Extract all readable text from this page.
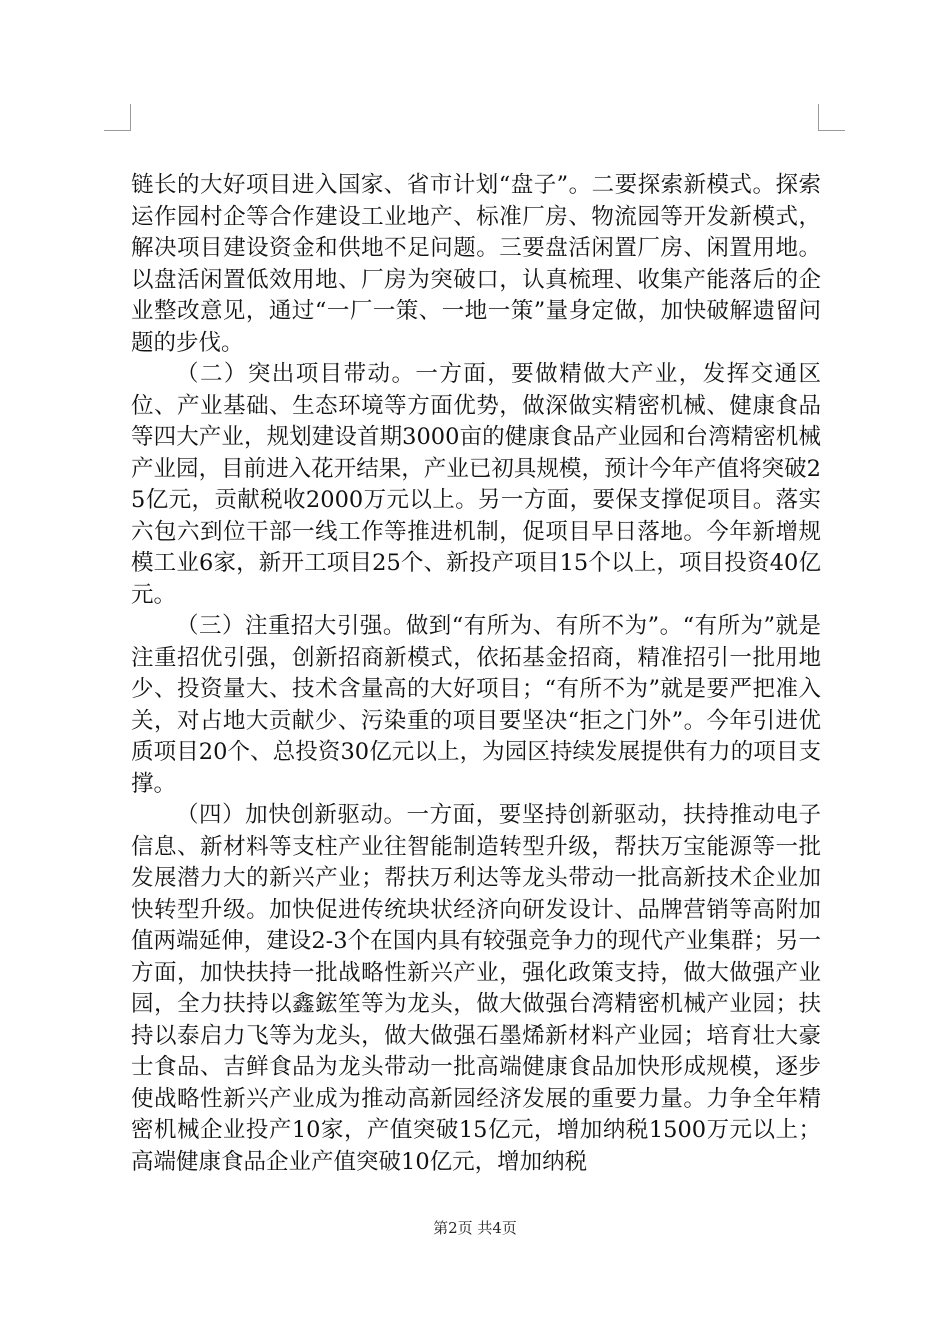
链长的大好项目进入国家、省市计划“盘子”。二要探索新模式。探索运作园村企等合作建设工业地产、标准厂房、物流园等开发新模式，解决项目建设资金和供地不足问题。三要盘活闲置厂房、闲置用地。以盘活闲置低效用地、厂房为突破口，认真梳理、收集产能落后的企业整改意见，通过“一厂一策、一地一策”量身定做，加快破解遗留问题的步伐。

（二）突出项目带动。一方面，要做精做大产业，发挥交通区位、产业基础、生态环境等方面优势，做深做实精密机械、健康食品等四大产业，规划建设首期3000亩的健康食品产业园和台湾精密机械产业园，目前进入花开结果，产业已初具规模，预计今年产值将突破25亿元，贡献税收2000万元以上。另一方面，要保支撑促项目。落实六包六到位干部一线工作等推进机制，促项目早日落地。今年新增规模工业6家，新开工项目25个、新投产项目15个以上，项目投资40亿元。

（三）注重招大引强。做到“有所为、有所不为”。“有所为”就是注重招优引强，创新招商新模式，依拓基金招商，精准招引一批用地少、投资量大、技术含量高的大好项目；“有所不为”就是要严把准入关，对占地大贡献少、污染重的项目要坚决“拒之门外”。今年引进优质项目20个、总投资30亿元以上，为园区持续发展提供有力的项目支撑。

（四）加快创新驱动。一方面，要坚持创新驱动，扶持推动电子信息、新材料等支柱产业往智能制造转型升级，帮扶万宝能源等一批发展潜力大的新兴产业；帮扶万利达等龙头带动一批高新技术企业加快转型升级。加快促进传统块状经济向研发设计、品牌营销等高附加值两端延伸，建设2-3个在国内具有较强竞争力的现代产业集群；另一方面，加快扶持一批战略性新兴产业，强化政策支持，做大做强产业园，全力扶持以鑫鋐笙等为龙头，做大做强台湾精密机械产业园；扶持以泰启力飞等为龙头，做大做强石墨烯新材料产业园；培育壮大豪士食品、吉鲜食品为龙头带动一批高端健康食品加快形成规模，逐步使战略性新兴产业成为推动高新园经济发展的重要力量。力争全年精密机械企业投产10家，产值突破15亿元，增加纳税1500万元以上；高端健康食品企业产值突破10亿元，增加纳税

第2页 共4页
